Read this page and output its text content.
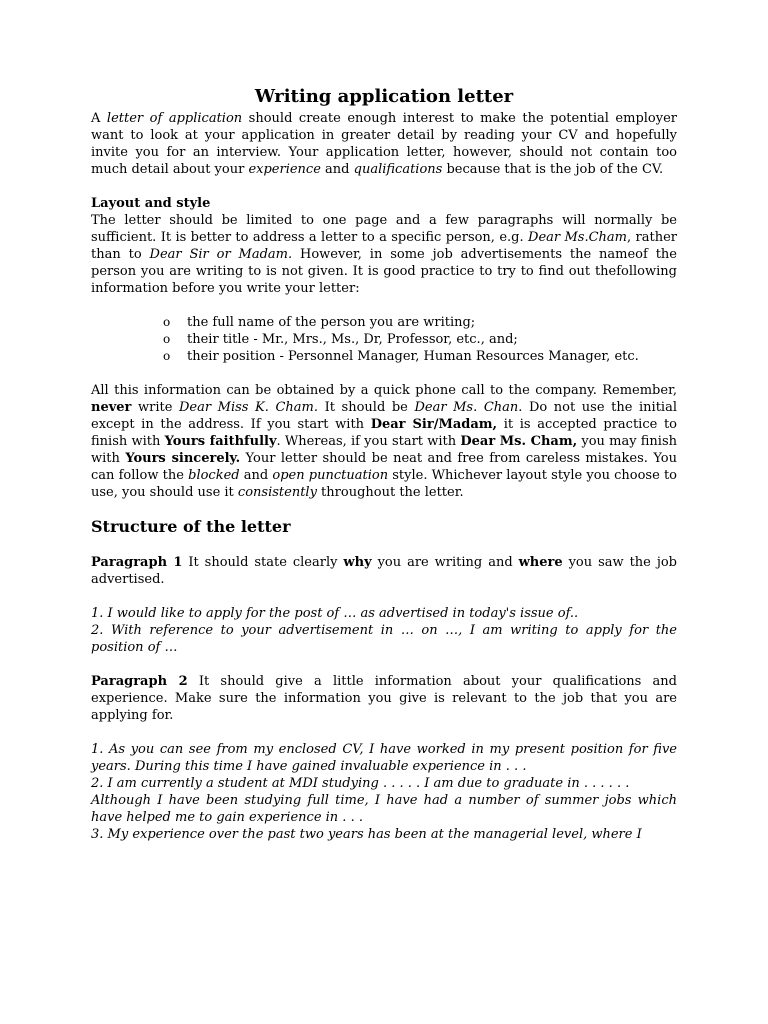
Writing application letter

A letter of application should create enough interest to make the potential employer want to look at your application in greater detail by reading your CV and hopefully invite you for an interview. Your application letter, however, should not contain too much detail about your experience and qualifications because that is the job of the CV.

Layout and style

The letter should be limited to one page and a few paragraphs will normally be sufficient. It is better to address a letter to a specific person, e.g. Dear Ms.Cham, rather than to Dear Sir or Madam. However, in some job advertisements the nameof the person you are writing to is not given. It is good practice to try to find out thefollowing information before you write your letter:

o the full name of the person you are writing;
o their title - Mr., Mrs., Ms., Dr, Professor, etc., and;
o their position - Personnel Manager, Human Resources Manager, etc.

All this information can be obtained by a quick phone call to the company. Remember, never write Dear Miss K. Cham. It should be Dear Ms. Chan. Do not use the initial except in the address. If you start with Dear Sir/Madam, it is accepted practice to finish with Yours faithfully. Whereas, if you start with Dear Ms. Cham, you may finish with Yours sincerely. Your letter should be neat and free from careless mistakes. You can follow the blocked and open punctuation style. Whichever layout style you choose to use, you should use it consistently throughout the letter.

Structure of the letter

Paragraph 1 It should state clearly why you are writing and where you saw the job advertised.

1. I would like to apply for the post of … as advertised in today's issue of..
2. With reference to your advertisement in … on …, I am writing to apply for the position of …

Paragraph 2 It should give a little information about your qualifications and experience. Make sure the information you give is relevant to the job that you are applying for.

1. As you can see from my enclosed CV, I have worked in my present position for five years. During this time I have gained invaluable experience in . . .
2. I am currently a student at MDI studying . . . . . I am due to graduate in . . . . . .
Although I have been studying full time, I have had a number of summer jobs which have helped me to gain experience in . . .
3. My experience over the past two years has been at the managerial level, where I
